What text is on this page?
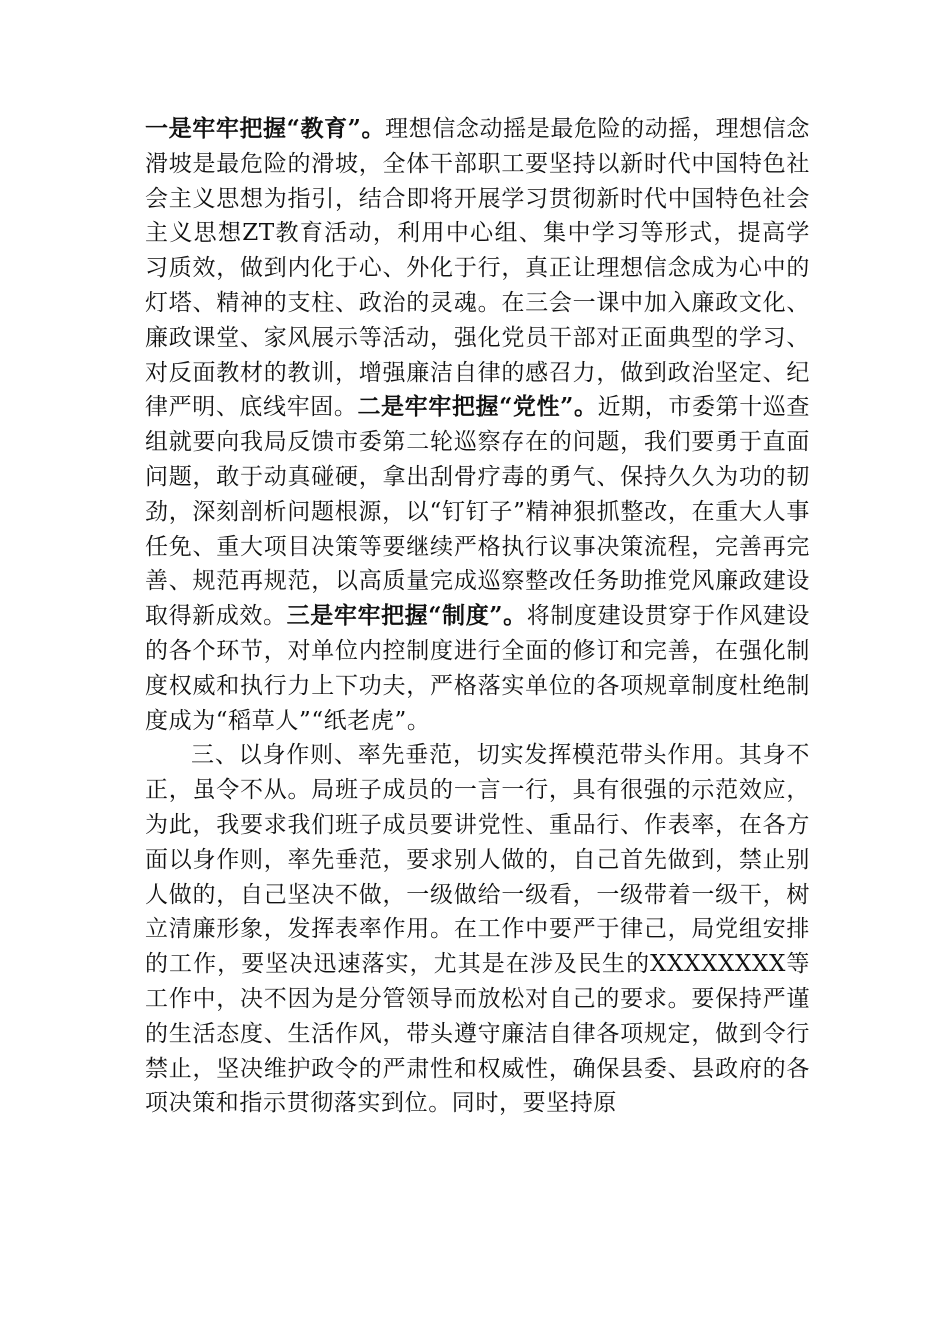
一是牢牢把握“教育”。理想信念动摇是最危险的动摇，理想信念滑坡是最危险的滑坡，全体干部职工要坚持以新时代中国特色社会主义思想为指引，结合即将开展学习贯彻新时代中国特色社会主义思想ZT教育活动，利用中心组、集中学习等形式，提高学习质效，做到内化于心、外化于行，真正让理想信念成为心中的灯塔、精神的支柱、政治的灵魂。在三会一课中加入廉政文化、廉政课堂、家风展示等活动，强化党员干部对正面典型的学习、对反面教材的教训，增强廉洁自律的感召力，做到政治坚定、纪律严明、底线牢固。二是牢牢把握“党性”。近期，市委第十巡查组就要向我局反馈市委第二轮巡察存在的问题，我们要勇于直面问题，敢于动真碰硬，拿出刮骨疗毒的勇气、保持久久为功的韧劲，深刻剖析问题根源，以“钉钉子”精神狠抓整改，在重大人事任免、重大项目决策等要继续严格执行议事决策流程，完善再完善、规范再规范，以高质量完成巡察整改任务助推党风廉政建设取得新成效。三是牢牢把握“制度”。将制度建设贯穿于作风建设的各个环节，对单位内控制度进行全面的修订和完善，在强化制度权威和执行力上下功夫，严格落实单位的各项规章制度杜绝制度成为“稻草人”“纸老虎”。

三、以身作则、率先垂范，切实发挥模范带头作用。其身不正，虽令不从。局班子成员的一言一行，具有很强的示范效应，为此，我要求我们班子成员要讲党性、重品行、作表率，在各方面以身作则，率先垂范，要求别人做的，自己首先做到，禁止别人做的，自己坚决不做，一级做给一级看，一级带着一级干，树立清廉形象，发挥表率作用。在工作中要严于律己，局党组安排的工作，要坚决迅速落实，尤其是在涉及民生的XXXXXXXX等工作中，决不因为是分管领导而放松对自己的要求。要保持严谨的生活态度、生活作风，带头遵守廉洁自律各项规定，做到令行禁止，坚决维护政令的严肃性和权威性，确保县委、县政府的各项决策和指示贯彻落实到位。同时，要坚持原
